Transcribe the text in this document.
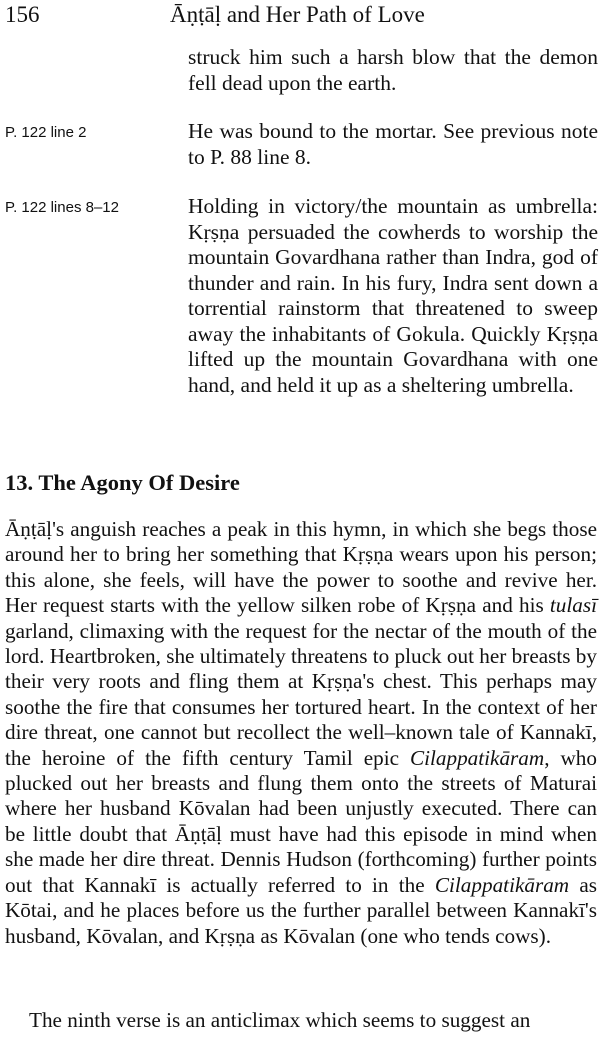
156	Āṇṭāḷ and Her Path of Love
struck him such a harsh blow that the demon fell dead upon the earth.
P. 122 line 2	He was bound to the mortar. See previous note to P. 88 line 8.
P. 122 lines 8–12	Holding in victory/the mountain as umbrella: Kṛṣṇa persuaded the cowherds to worship the mountain Govardhana rather than Indra, god of thunder and rain. In his fury, Indra sent down a torrential rainstorm that threatened to sweep away the inhabitants of Gokula. Quickly Kṛṣṇa lifted up the mountain Govardhana with one hand, and held it up as a sheltering umbrella.
13. The Agony Of Desire
Āṇṭāḷ's anguish reaches a peak in this hymn, in which she begs those around her to bring her something that Kṛṣṇa wears upon his person; this alone, she feels, will have the power to soothe and revive her. Her request starts with the yellow silken robe of Kṛṣṇa and his tulasī garland, climaxing with the request for the nectar of the mouth of the lord. Heartbroken, she ultimately threatens to pluck out her breasts by their very roots and fling them at Kṛṣṇa's chest. This perhaps may soothe the fire that consumes her tortured heart. In the context of her dire threat, one cannot but recollect the well–known tale of Kannakī, the heroine of the fifth century Tamil epic Cilappatikāram, who plucked out her breasts and flung them onto the streets of Maturai where her husband Kōvalan had been unjustly executed. There can be little doubt that Āṇṭāḷ must have had this episode in mind when she made her dire threat. Dennis Hudson (forthcoming) further points out that Kannakī is actually referred to in the Cilappatikāram as Kōtai, and he places before us the further parallel between Kannakī's husband, Kōvalan, and Kṛṣṇa as Kōvalan (one who tends cows).
The ninth verse is an anticlimax which seems to suggest an
